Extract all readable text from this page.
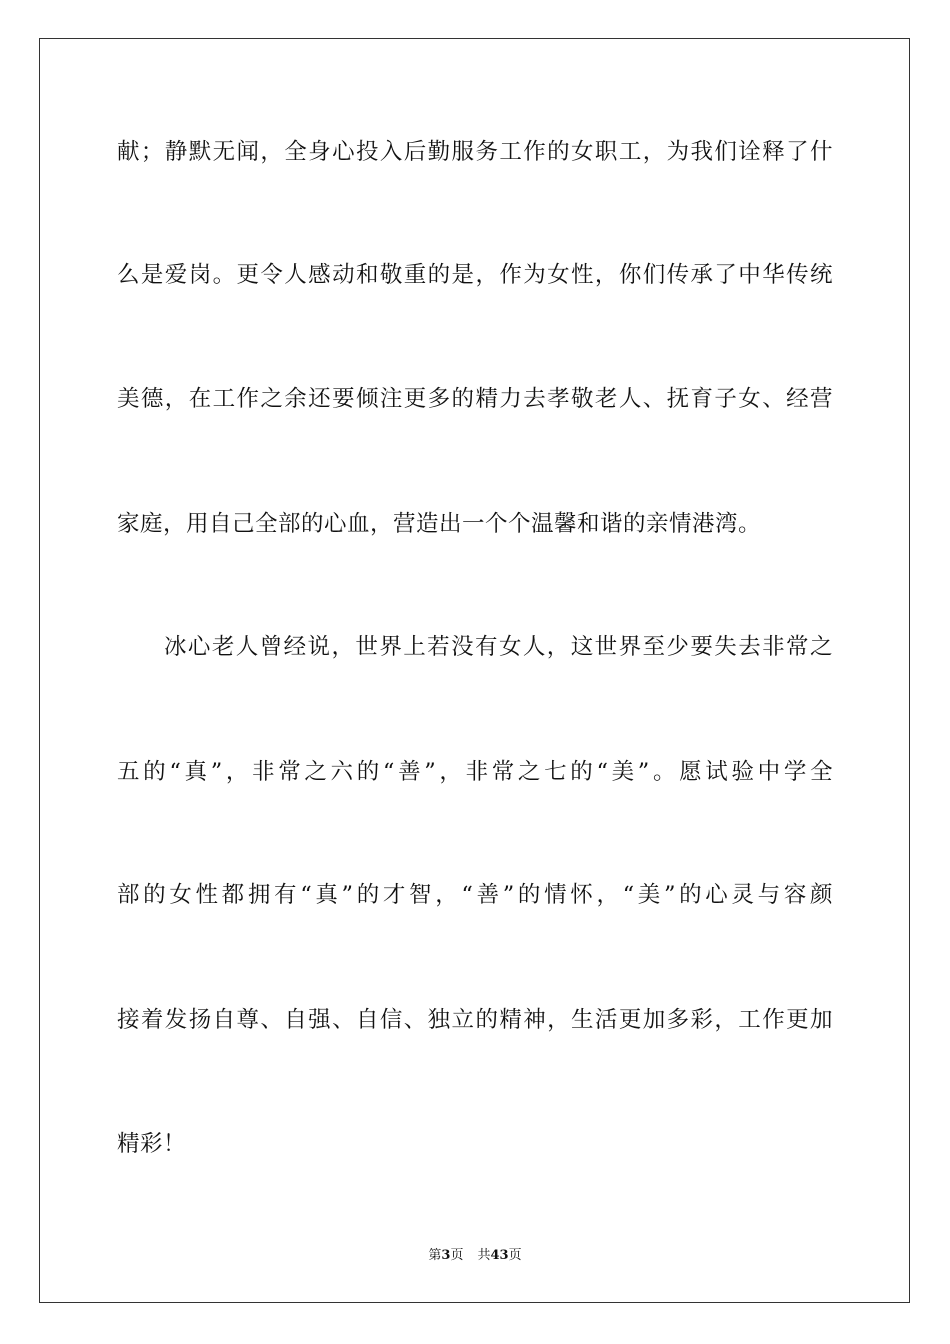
献；静默无闻，全身心投入后勤服务工作的女职工，为我们诠释了什
么是爱岗。更令人感动和敬重的是，作为女性，你们传承了中华传统
美德，在工作之余还要倾注更多的精力去孝敬老人、抚育子女、经营
家庭，用自己全部的心血，营造出一个个温馨和谐的亲情港湾。
冰心老人曾经说，世界上若没有女人，这世界至少要失去非常之
五的“真”，非常之六的“善”，非常之七的“美”。愿试验中学全
部的女性都拥有“真”的才智，“善”的情怀，“美”的心灵与容颜
接着发扬自尊、自强、自信、独立的精神，生活更加多彩，工作更加
精彩！
第3页 共43页
